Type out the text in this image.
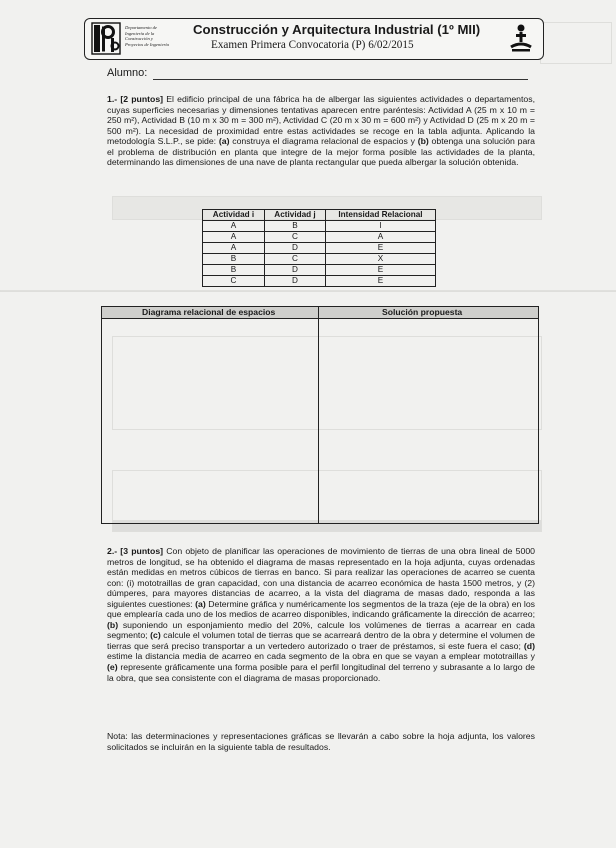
Departamento de
Ingeniería de la
Construcción y
Proyectos de Ingeniería
Construcción y Arquitectura Industrial (1º MII)
Examen Primera Convocatoria (P) 6/02/2015
Alumno:
1.- [2 puntos] El edificio principal de una fábrica ha de albergar las siguientes actividades o departamentos, cuyas superficies necesarias y dimensiones tentativas aparecen entre paréntesis: Actividad A (25 m x 10 m = 250 m²), Actividad B (10 m x 30 m = 300 m²), Actividad C (20 m x 30 m = 600 m²) y Actividad D (25 m x 20 m = 500 m²). La necesidad de proximidad entre estas actividades se recoge en la tabla adjunta. Aplicando la metodología S.L.P., se pide: (a) construya el diagrama relacional de espacios y (b) obtenga una solución para el problema de distribución en planta que integre de la mejor forma posible las actividades de la planta, determinando las dimensiones de una nave de planta rectangular que pueda albergar la solución obtenida.
Actividad i	Actividad j	Intensidad Relacional
A	B	I
A	C	A
A	D	E
B	C	X
B	D	E
C	D	E
Diagrama relacional de espacios	Solución propuesta
2.- [3 puntos] Con objeto de planificar las operaciones de movimiento de tierras de una obra lineal de 5000 metros de longitud, se ha obtenido el diagrama de masas representado en la hoja adjunta, cuyas ordenadas están medidas en metros cúbicos de tierras en banco. Si para realizar las operaciones de acarreo se cuenta con: (i) mototraillas de gran capacidad, con una distancia de acarreo económica de hasta 1500 metros, y (2) dúmperes, para mayores distancias de acarreo, a la vista del diagrama de masas dado, responda a las siguientes cuestiones: (a) Determine gráfica y numéricamente los segmentos de la traza (eje de la obra) en los que emplearía cada uno de los medios de acarreo disponibles, indicando gráficamente la dirección de acarreo; (b) suponiendo un esponjamiento medio del 20%, calcule los volúmenes de tierras a acarrear en cada segmento; (c) calcule el volumen total de tierras que se acarreará dentro de la obra y determine el volumen de tierras que será preciso transportar a un vertedero autorizado o traer de préstamos, si este fuera el caso; (d) estime la distancia media de acarreo en cada segmento de la obra en que se vayan a emplear mototraillas y (e) represente gráficamente una forma posible para el perfil longitudinal del terreno y subrasante a lo largo de la obra, que sea consistente con el diagrama de masas proporcionado.
Nota: las determinaciones y representaciones gráficas se llevarán a cabo sobre la hoja adjunta, los valores solicitados se incluirán en la siguiente tabla de resultados.
